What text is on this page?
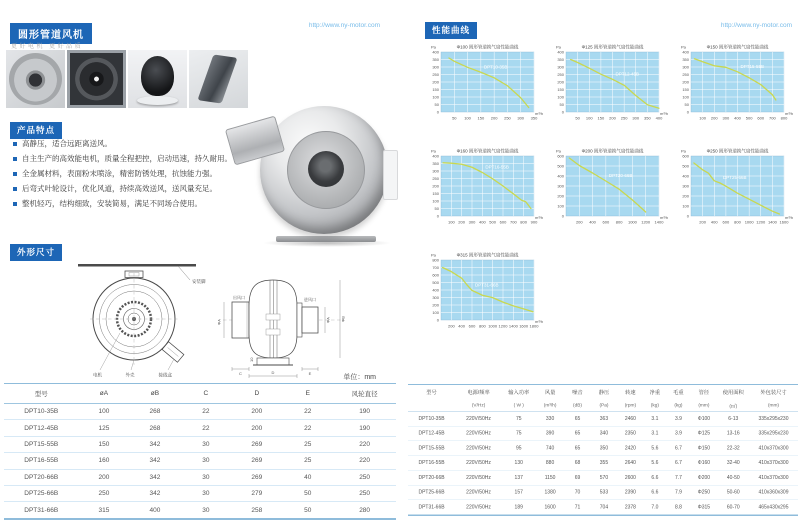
圆形管道风机
更好电机 更好品质
http://www.ny-motor.com
产品特点
高静压，适合远距离送风。
自主生产的高效能电机，质量全程把控，启动迅速，持久耐用。
全金属材料，表面粉末喷涂，精密防锈处理，抗蚀能力强。
后弯式叶轮设计，优化风道，持续高效送风，送风量充足。
整机轻巧，结构细致，安装简易，满足不同场合使用。
外形尺寸
安装脚
电机	外壳	接线盒
10
出风口	进风口
ΦA	ΦA ΦB
C	E
D
单位：mm
型号	øA	øB	C	D	E	风轮直径
DPT10-35B	100	268	22	200	22	190
DPT12-45B	125	268	22	200	22	190
DPT15-55B	150	342	30	269	25	220
DPT16-55B	160	342	30	269	25	220
DPT20-66B	200	342	30	269	40	250
DPT25-66B	250	342	30	279	50	250
DPT31-66B	315	400	30	258	50	280
性能曲线	http://www.ny-motor.com
Pa Φ100 圆形管道换气扇性能曲线
DPT10-35B
0
50
100
150
200
250
300
350
400
50 100 150 200 250 300 350
m³/h
Pa Φ125 圆形管道换气扇性能曲线
DPT12-45B
0
50
100
150
200
250
300
350
400
50 100 150 200 250 300 350 400
m³/h
Pa Φ150 圆形管道换气扇性能曲线
DPT15-55B
0
50
100
150
200
250
300
350
400
100 200 300 400 500 600 700 800
m³/h
Pa Φ160 圆形管道换气扇性能曲线
DPT16-55B
0
50
100
150
200
250
300
350
400
100 200 300 400 500 600 700 800 900
m³/h
Pa Φ200 圆形管道换气扇性能曲线
DPT20-66B
0
100
200
300
400
500
600
200 400 600 800 1000 1200 1400
m³/h
Pa Φ250 圆形管道换气扇性能曲线
DPT25-66B
0
100
200
300
400
500
600
200 400 600 800 1000 1200 1400 1600
m³/h
Pa Φ315 圆形管道换气扇性能曲线
DPT31-66B
0
100
200
300
400
500
600
700
800
200 400 600 800 1000 1200 1400 1600 1800
m³/h
型号	电源/频率	输入功率	风量	噪音	静压	转速	净重	毛重	管径	使用面积	外包装尺寸
	(V/Hz)	( W )	(m³/h)	(dB)	(Pa)	(rpm)	(kg)	(kg)	(mm)	(㎡)	(mm)
DPT10-35B	220V/50Hz	75	330	65	363	2460	3.1	3.9	Φ100	6-13	335x295x230
DPT12-45B	220V/50Hz	75	390	65	340	2350	3.1	3.9	Φ125	13-16	335x295x230
DPT15-55B	220V/50Hz	95	740	65	350	2420	5.6	6.7	Φ150	22-32	410x370x300
DPT16-55B	220V/50Hz	130	880	68	355	2640	5.6	6.7	Φ160	32-40	410x370x300
DPT20-66B	220V/50Hz	137	1150	69	570	2600	6.6	7.7	Φ200	40-50	410x370x300
DPT25-66B	220V/50Hz	157	1380	70	533	2390	6.6	7.9	Φ250	50-60	410x360x309
DPT31-66B	220V/50Hz	189	1600	71	704	2378	7.0	8.8	Φ315	60-70	465x430x295
